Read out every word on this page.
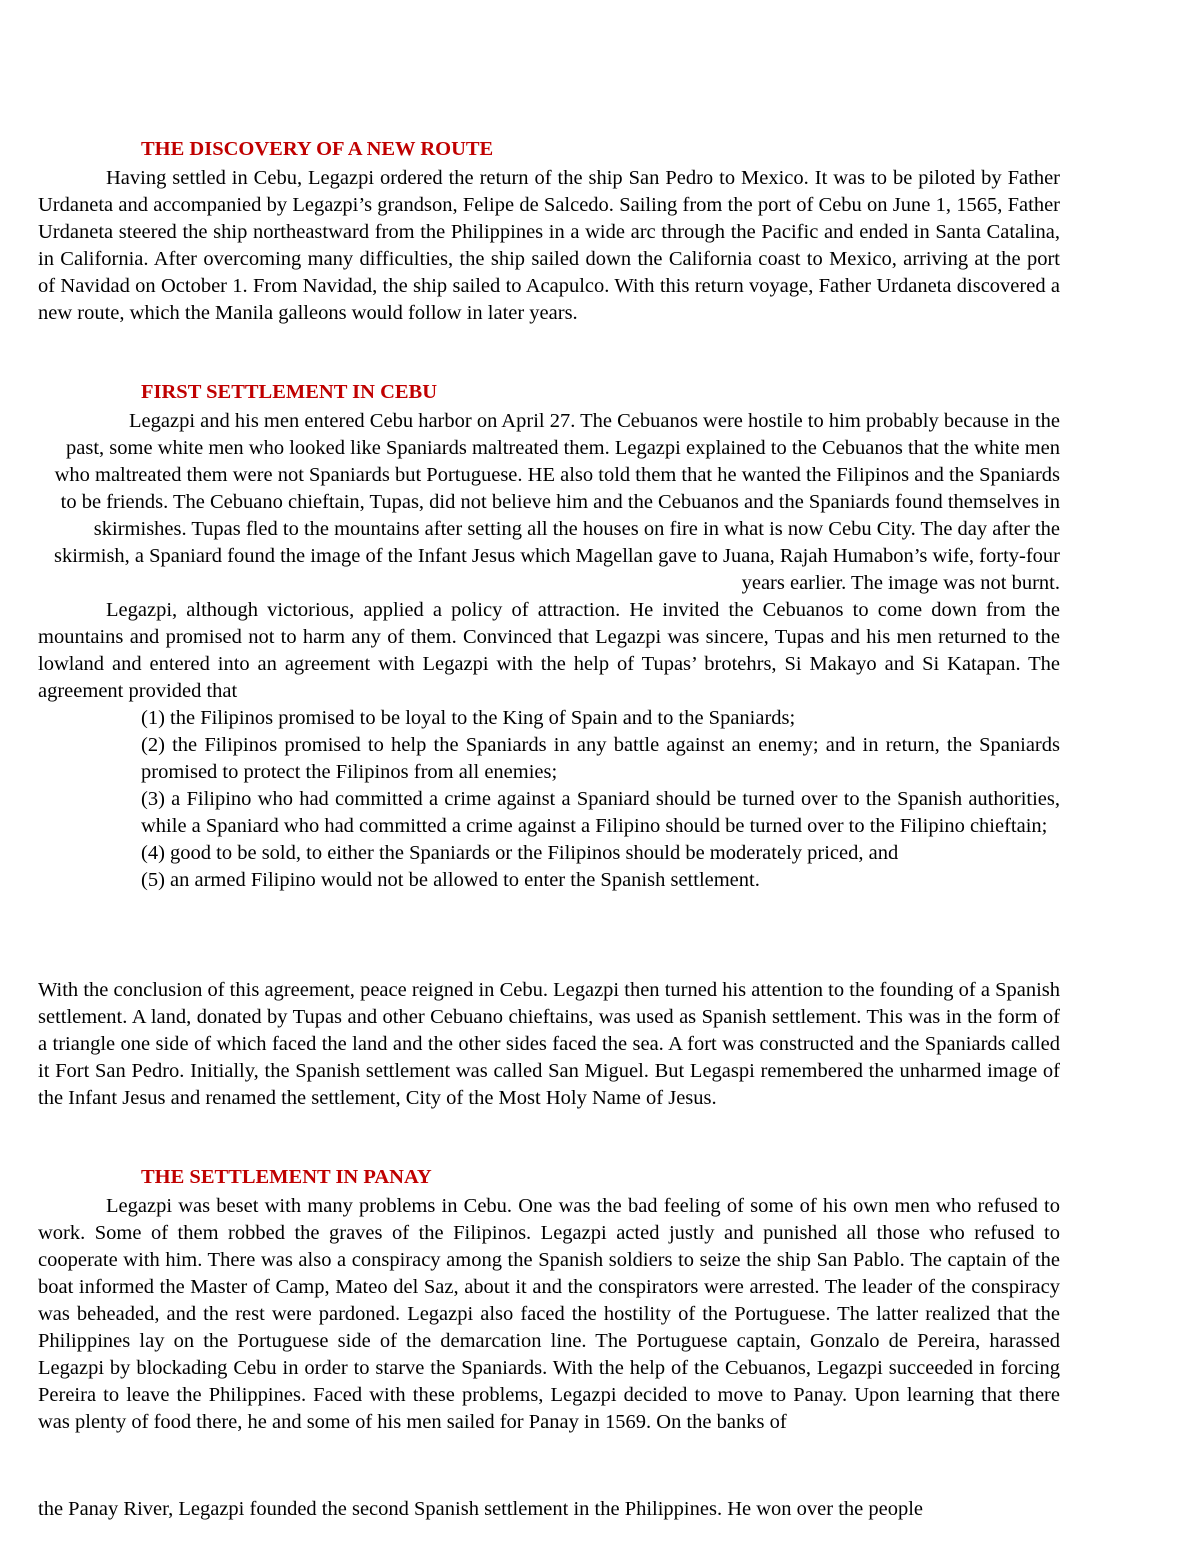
THE DISCOVERY OF A NEW ROUTE

Having settled in Cebu, Legazpi ordered the return of the ship San Pedro to Mexico. It was to be piloted by Father Urdaneta and accompanied by Legazpi’s grandson, Felipe de Salcedo. Sailing from the port of Cebu on June 1, 1565, Father Urdaneta steered the ship northeastward from the Philippines in a wide arc through the Pacific and ended in Santa Catalina, in California. After overcoming many difficulties, the ship sailed down the California coast to Mexico, arriving at the port of Navidad on October 1. From Navidad, the ship sailed to Acapulco. With this return voyage, Father Urdaneta discovered a new route, which the Manila galleons would follow in later years.

FIRST SETTLEMENT IN CEBU

Legazpi and his men entered Cebu harbor on April 27. The Cebuanos were hostile to him probably because in the past, some white men who looked like Spaniards maltreated them. Legazpi explained to the Cebuanos that the white men who maltreated them were not Spaniards but Portuguese. HE also told them that he wanted the Filipinos and the Spaniards to be friends. The Cebuano chieftain, Tupas, did not believe him and the Cebuanos and the Spaniards found themselves in skirmishes. Tupas fled to the mountains after setting all the houses on fire in what is now Cebu City. The day after the skirmish, a Spaniard found the image of the Infant Jesus which Magellan gave to Juana, Rajah Humabon’s wife, forty-four years earlier. The image was not burnt.

Legazpi, although victorious, applied a policy of attraction. He invited the Cebuanos to come down from the mountains and promised not to harm any of them. Convinced that Legazpi was sincere, Tupas and his men returned to the lowland and entered into an agreement with Legazpi with the help of Tupas’ brotehrs, Si Makayo and Si Katapan. The agreement provided that

(1) the Filipinos promised to be loyal to the King of Spain and to the Spaniards;

(2) the Filipinos promised to help the Spaniards in any battle against an enemy; and in return, the Spaniards promised to protect the Filipinos from all enemies;

(3) a Filipino who had committed a crime against a Spaniard should be turned over to the Spanish authorities, while a Spaniard who had committed a crime against a Filipino should be turned over to the Filipino chieftain;

(4) good to be sold, to either the Spaniards or the Filipinos should be moderately priced, and

(5) an armed Filipino would not be allowed to enter the Spanish settlement.

With the conclusion of this agreement, peace reigned in Cebu. Legazpi then turned his attention to the founding of a Spanish settlement. A land, donated by Tupas and other Cebuano chieftains, was used as Spanish settlement. This was in the form of a triangle one side of which faced the land and the other sides faced the sea. A fort was constructed and the Spaniards called it Fort San Pedro. Initially, the Spanish settlement was called San Miguel. But Legaspi remembered the unharmed image of the Infant Jesus and renamed the settlement, City of the Most Holy Name of Jesus.

THE SETTLEMENT IN PANAY

Legazpi was beset with many problems in Cebu. One was the bad feeling of some of his own men who refused to work. Some of them robbed the graves of the Filipinos. Legazpi acted justly and punished all those who refused to cooperate with him. There was also a conspiracy among the Spanish soldiers to seize the ship San Pablo. The captain of the boat informed the Master of Camp, Mateo del Saz, about it and the conspirators were arrested. The leader of the conspiracy was beheaded, and the rest were pardoned. Legazpi also faced the hostility of the Portuguese. The latter realized that the Philippines lay on the Portuguese side of the demarcation line. The Portuguese captain, Gonzalo de Pereira, harassed Legazpi by blockading Cebu in order to starve the Spaniards. With the help of the Cebuanos, Legazpi succeeded in forcing Pereira to leave the Philippines. Faced with these problems, Legazpi decided to move to Panay. Upon learning that there was plenty of food there, he and some of his men sailed for Panay in 1569. On the banks of

the Panay River, Legazpi founded the second Spanish settlement in the Philippines. He won over the people
